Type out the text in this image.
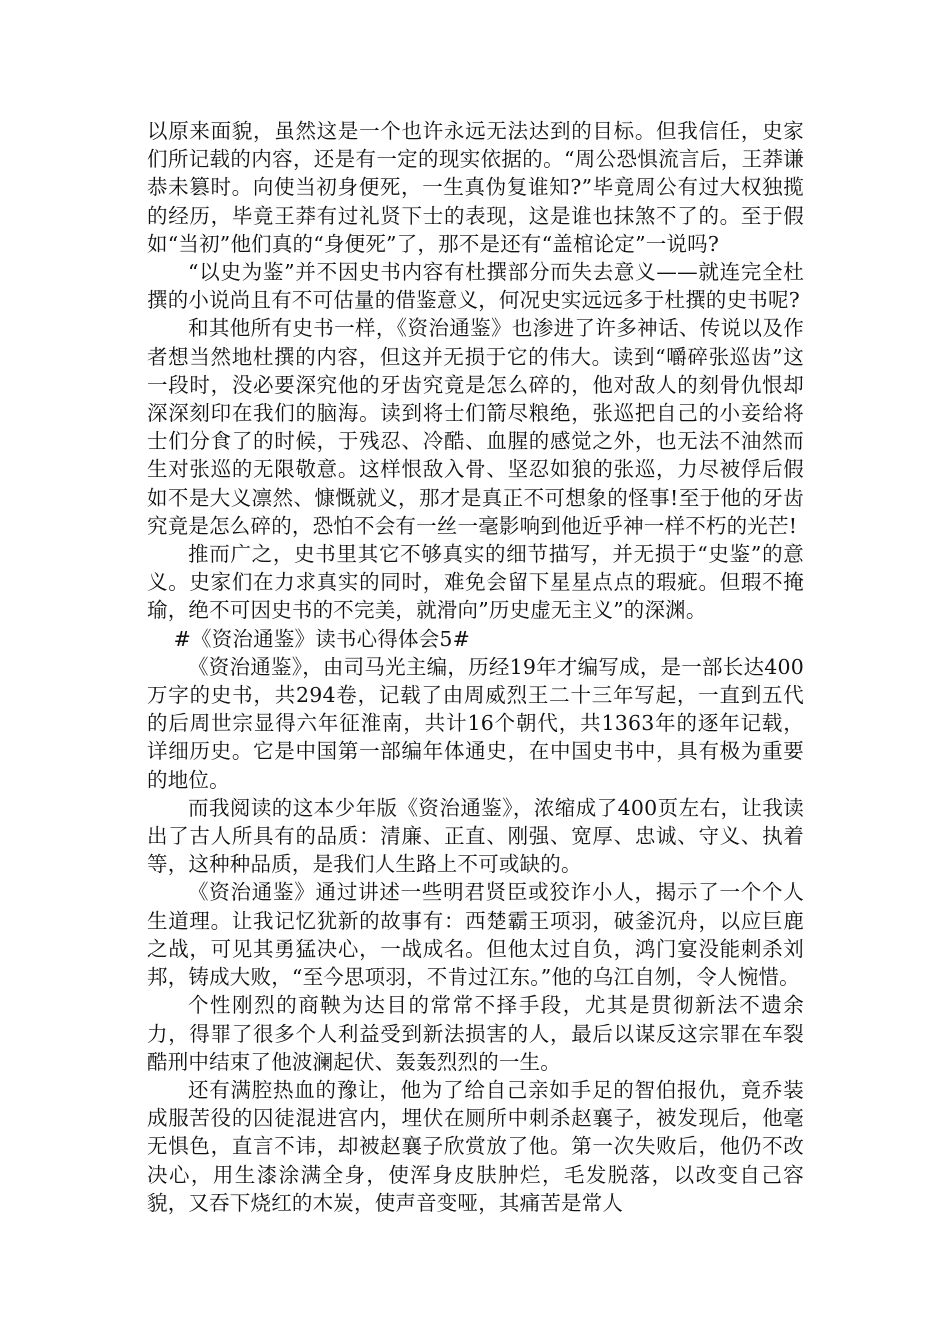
以原来面貌，虽然这是一个也许永远无法达到的目标。但我信任，史家们所记载的内容，还是有一定的现实依据的。“周公恐惧流言后，王莽谦恭未篡时。向使当初身便死，一生真伪复谁知?”毕竟周公有过大权独揽的经历，毕竟王莽有过礼贤下士的表现，这是谁也抹煞不了的。至于假如“当初”他们真的“身便死”了，那不是还有“盖棺论定”一说吗?

“以史为鉴”并不因史书内容有杜撰部分而失去意义——就连完全杜撰的小说尚且有不可估量的借鉴意义，何况史实远远多于杜撰的史书呢?

和其他所有史书一样，《资治通鉴》也渗进了许多神话、传说以及作者想当然地杜撰的内容，但这并无损于它的伟大。读到“嚼碎张巡齿”这一段时，没必要深究他的牙齿究竟是怎么碎的，他对敌人的刻骨仇恨却深深刻印在我们的脑海。读到将士们箭尽粮绝，张巡把自己的小妾给将士们分食了的时候，于残忍、冷酷、血腥的感觉之外，也无法不油然而生对张巡的无限敬意。这样恨敌入骨、坚忍如狼的张巡，力尽被俘后假如不是大义凛然、慷慨就义，那才是真正不可想象的怪事!至于他的牙齿究竟是怎么碎的，恐怕不会有一丝一毫影响到他近乎神一样不朽的光芒!

推而广之，史书里其它不够真实的细节描写，并无损于“史鉴”的意义。史家们在力求真实的同时，难免会留下星星点点的瑕疵。但瑕不掩瑜，绝不可因史书的不完美，就滑向”历史虚无主义”的深渊。

#《资治通鉴》读书心得体会5#

《资治通鉴》，由司马光主编，历经19年才编写成，是一部长达400万字的史书，共294卷，记载了由周威烈王二十三年写起，一直到五代的后周世宗显得六年征淮南，共计16个朝代，共1363年的逐年记载，详细历史。它是中国第一部编年体通史，在中国史书中，具有极为重要的地位。

而我阅读的这本少年版《资治通鉴》，浓缩成了400页左右，让我读出了古人所具有的品质：清廉、正直、刚强、宽厚、忠诚、守义、执着等，这种种品质，是我们人生路上不可或缺的。

《资治通鉴》通过讲述一些明君贤臣或狡诈小人，揭示了一个个人生道理。让我记忆犹新的故事有：西楚霸王项羽，破釜沉舟，以应巨鹿之战，可见其勇猛决心，一战成名。但他太过自负，鸿门宴没能刺杀刘邦，铸成大败，“至今思项羽，不肯过江东。”他的乌江自刎，令人惋惜。

个性刚烈的商鞅为达目的常常不择手段，尤其是贯彻新法不遗余力，得罪了很多个人利益受到新法损害的人，最后以谋反这宗罪在车裂酷刑中结束了他波澜起伏、轰轰烈烈的一生。

还有满腔热血的豫让，他为了给自己亲如手足的智伯报仇，竟乔装成服苦役的囚徒混进宫内，埋伏在厕所中刺杀赵襄子，被发现后，他毫无惧色，直言不讳，却被赵襄子欣赏放了他。第一次失败后，他仍不改决心，用生漆涂满全身，使浑身皮肤肿烂，毛发脱落，以改变自己容貌，又吞下烧红的木炭，使声音变哑，其痛苦是常人
